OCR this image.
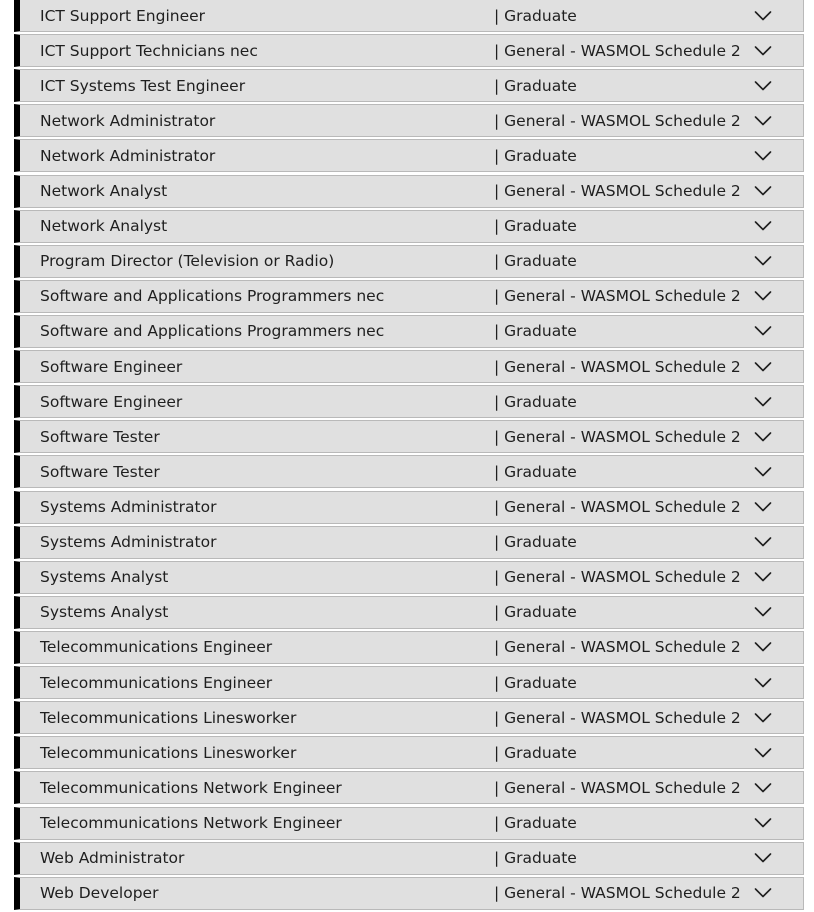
ICT Support Engineer	| Graduate
ICT Support Technicians nec	| General - WASMOL Schedule 2
ICT Systems Test Engineer	| Graduate
Network Administrator	| General - WASMOL Schedule 2
Network Administrator	| Graduate
Network Analyst	| General - WASMOL Schedule 2
Network Analyst	| Graduate
Program Director (Television or Radio)	| Graduate
Software and Applications Programmers nec	| General - WASMOL Schedule 2
Software and Applications Programmers nec	| Graduate
Software Engineer	| General - WASMOL Schedule 2
Software Engineer	| Graduate
Software Tester	| General - WASMOL Schedule 2
Software Tester	| Graduate
Systems Administrator	| General - WASMOL Schedule 2
Systems Administrator	| Graduate
Systems Analyst	| General - WASMOL Schedule 2
Systems Analyst	| Graduate
Telecommunications Engineer	| General - WASMOL Schedule 2
Telecommunications Engineer	| Graduate
Telecommunications Linesworker	| General - WASMOL Schedule 2
Telecommunications Linesworker	| Graduate
Telecommunications Network Engineer	| General - WASMOL Schedule 2
Telecommunications Network Engineer	| Graduate
Web Administrator	| Graduate
Web Developer	| General - WASMOL Schedule 2
